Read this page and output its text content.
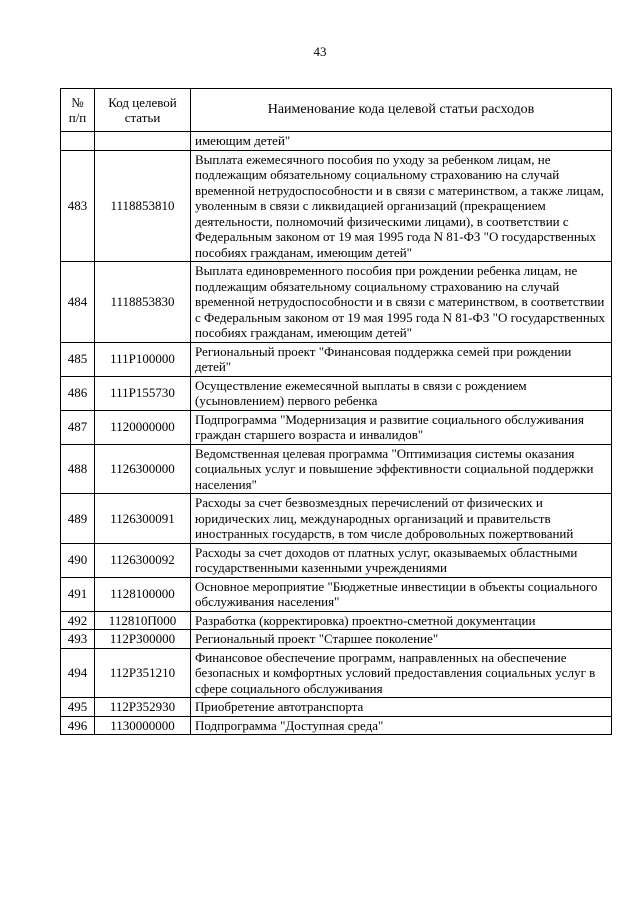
43
№ п/п	Код целевой статьи	Наименование кода целевой статьи расходов
		имеющим детей"
483	1118853810	Выплата ежемесячного пособия по уходу за ребенком лицам, не подлежащим обязательному социальному страхованию на случай временной нетрудоспособности и в связи с материнством, а также лицам, уволенным в связи с ликвидацией организаций (прекращением деятельности, полномочий физическими лицами), в соответствии с Федеральным законом от 19 мая 1995 года N 81-ФЗ "О государственных пособиях гражданам, имеющим детей"
484	1118853830	Выплата единовременного пособия при рождении ребенка лицам, не подлежащим обязательному социальному страхованию на случай временной нетрудоспособности и в связи с материнством, в соответствии с Федеральным законом от 19 мая 1995 года N 81-ФЗ "О государственных пособиях гражданам, имеющим детей"
485	111P100000	Региональный проект "Финансовая поддержка семей при рождении детей"
486	111P155730	Осуществление ежемесячной выплаты в связи с рождением (усыновлением) первого ребенка
487	1120000000	Подпрограмма "Модернизация и развитие социального обслуживания граждан старшего возраста и инвалидов"
488	1126300000	Ведомственная целевая программа "Оптимизация системы оказания социальных услуг и повышение эффективности социальной поддержки населения"
489	1126300091	Расходы за счет безвозмездных перечислений от физических и юридических лиц, международных организаций и правительств иностранных государств, в том числе добровольных пожертвований
490	1126300092	Расходы за счет доходов от платных услуг, оказываемых областными государственными казенными учреждениями
491	1128100000	Основное мероприятие "Бюджетные инвестиции в объекты социального обслуживания населения"
492	112810П000	Разработка (корректировка) проектно-сметной документации
493	112P300000	Региональный проект "Старшее поколение"
494	112P351210	Финансовое обеспечение программ, направленных на обеспечение безопасных и комфортных условий предоставления социальных услуг в сфере социального обслуживания
495	112P352930	Приобретение автотранспорта
496	1130000000	Подпрограмма "Доступная среда"
